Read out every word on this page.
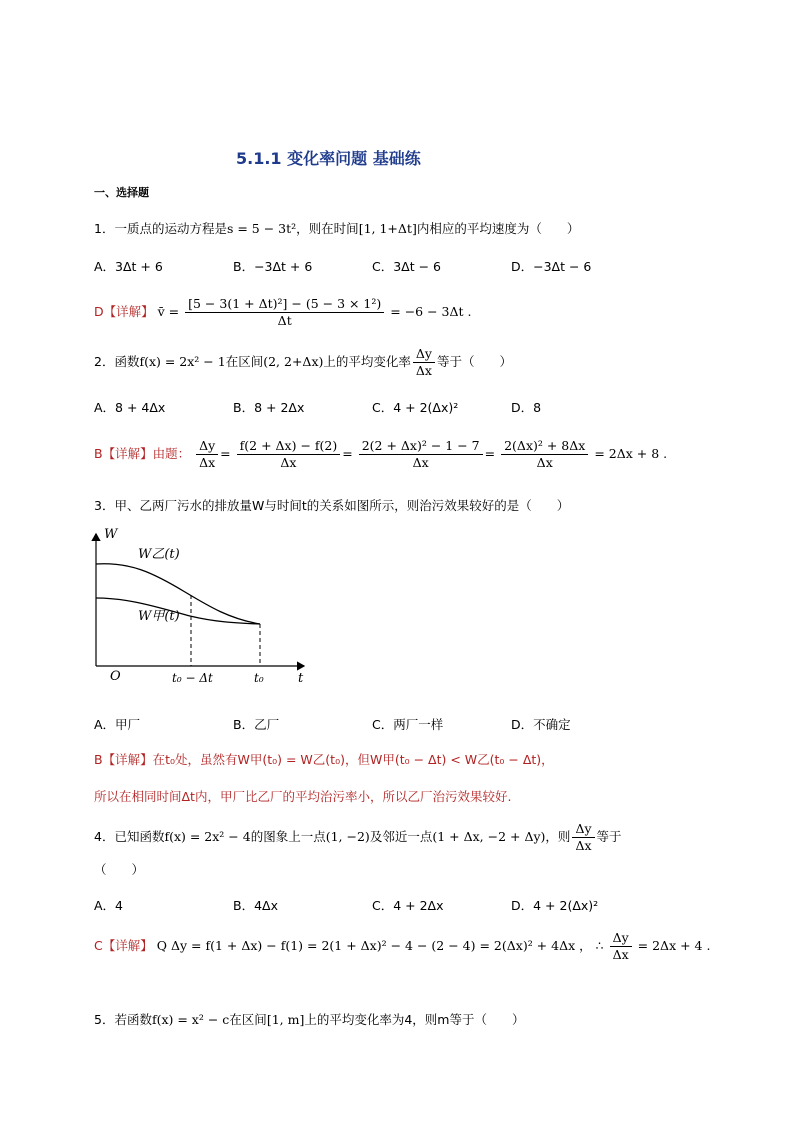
5.1.1 变化率问题 基础练
一、选择题
1．一质点的运动方程是s = 5 − 3t²，则在时间[1, 1+Δt]内相应的平均速度为（　　）
A．3Δt + 6	B．−3Δt + 6	C．3Δt − 6	D．−3Δt − 6
D【详解】 v̄ = $\frac{\text{[5 − 3(1 + Δt)²] − (5 − 3 × 1²)}}{\Delta t} = -6 - 3\Delta t$ .
2．函数f(x) = 2x² − 1在区间(2, 2+Δx)上的平均变化率 $\frac{\Delta y}{\Delta x}$ 等于（　　）
A．8 + 4Δx	B．8 + 2Δx	C．4 + 2(Δx)²	D．8
B【详解】由题： $\frac{\Delta y}{\Delta x} = \frac{f(2 + \Delta x) - f(2)}{\Delta x} = \frac{\text{2(2 + Δx)² − 1 − 7}}{\Delta x} = \frac{\text{2(Δx)² + 8Δx}}{\Delta x} = 2\Delta x + 8$ .
3．甲、乙两厂污水的排放量W与时间t的关系如图所示，则治污效果较好的是（　　）
W
t
O
W乙(t)
W甲(t)
t₀ − Δt	t₀
A．甲厂	B．乙厂	C．两厂一样	D．不确定
B【详解】在t₀处，虽然有W甲(t₀) = W乙(t₀)，但W甲(t₀ − Δt) < W乙(t₀ − Δt)，
所以在相同时间Δt内，甲厂比乙厂的平均治污率小，所以乙厂治污效果较好.
4．已知函数f(x) = 2x² − 4的图象上一点(1, −2)及邻近一点(1 + Δx, −2 + Δy)，则 $\frac{\Delta y}{\Delta x}$ 等于
（　　）
A．4	B．4Δx	C．4 + 2Δx	D．4 + 2(Δx)²
C【详解】 Q Δy = f(1 + Δx) − f(1) = 2(1 + Δx)² − 4 − (2 − 4) = 2(Δx)² + 4Δx ， ∴ $\frac{\Delta y}{\Delta x} = 2\Delta x + 4$ .
5．若函数f(x) = x² − c在区间[1, m]上的平均变化率为4，则m等于（　　）
